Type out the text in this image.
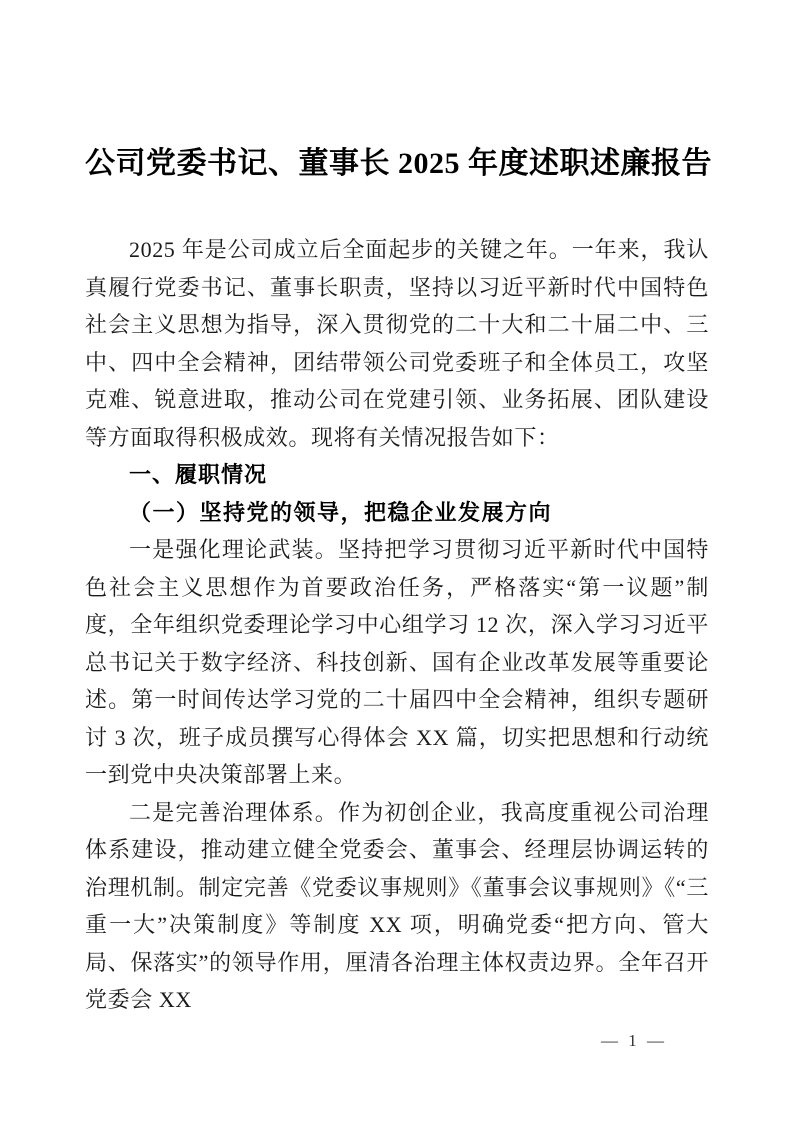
公司党委书记、董事长 2025 年度述职述廉报告

2025 年是公司成立后全面起步的关键之年。一年来，我认真履行党委书记、董事长职责，坚持以习近平新时代中国特色社会主义思想为指导，深入贯彻党的二十大和二十届二中、三中、四中全会精神，团结带领公司党委班子和全体员工，攻坚克难、锐意进取，推动公司在党建引领、业务拓展、团队建设等方面取得积极成效。现将有关情况报告如下：

一、履职情况
（一）坚持党的领导，把稳企业发展方向

一是强化理论武装。坚持把学习贯彻习近平新时代中国特色社会主义思想作为首要政治任务，严格落实“第一议题”制度，全年组织党委理论学习中心组学习 12 次，深入学习习近平总书记关于数字经济、科技创新、国有企业改革发展等重要论述。第一时间传达学习党的二十届四中全会精神，组织专题研讨 3 次，班子成员撰写心得体会 XX 篇，切实把思想和行动统一到党中央决策部署上来。

二是完善治理体系。作为初创企业，我高度重视公司治理体系建设，推动建立健全党委会、董事会、经理层协调运转的治理机制。制定完善《党委议事规则》《董事会议事规则》《“三重一大”决策制度》等制度 XX 项，明确党委“把方向、管大局、保落实”的领导作用，厘清各治理主体权责边界。全年召开党委会 XX

— 1 —
